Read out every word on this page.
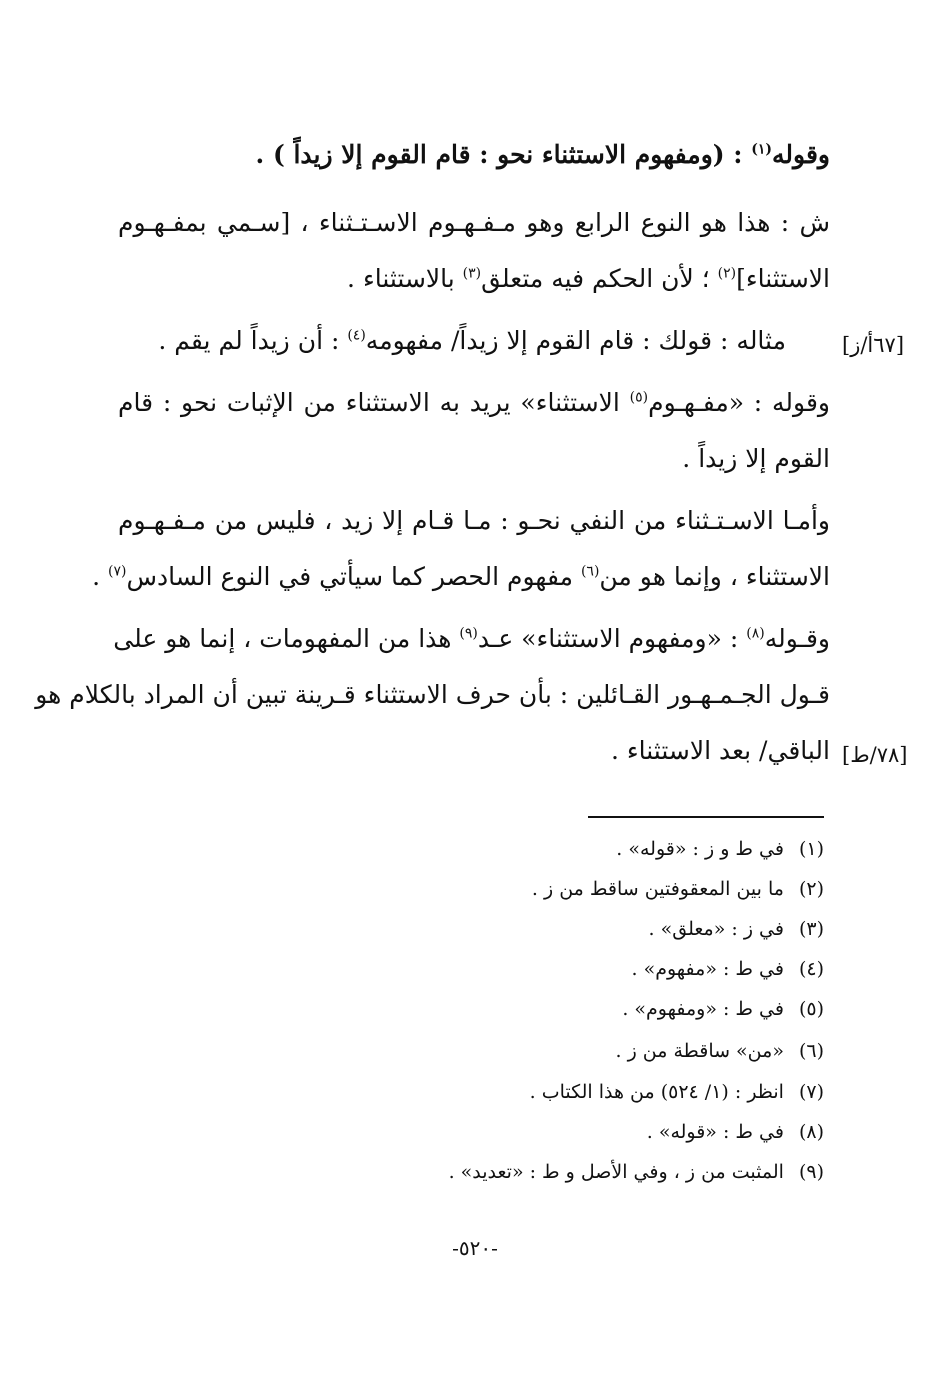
وقوله$^{(١)}$ : (ومفهوم الاستثناء نحو : قام القوم إلا زيداً ) .
ش : هذا هو النوع الرابع وهو مـفـهـوم الاسـتـثناء ، [سـمي بمفـهـوم
الاستثناء]$^{(٢)}$ ؛ لأن الحكم فيه متعلق$^{(٣)}$ بالاستثناء .
مثاله : قولك : قام القوم إلا زيداً/ مفهومه$^{(٤)}$ : أن زيداً لم يقم .	[٦٧أ/ز]
وقوله : «مفـهـوم$^{(٥)}$ الاستثناء» يريد به الاستثناء من الإثبات نحو : قام
القوم إلا زيداً .
وأمـا الاسـتـثناء من النفي نحـو : مـا قـام إلا زيد ، فليس من مـفـهـوم
الاستثناء ، وإنما هو من$^{(٦)}$ مفهوم الحصر كما سيأتي في النوع السادس$^{(٧)}$ .
وقـوله$^{(٨)}$ : «ومفهوم الاستثناء» عـد$^{(٩)}$ هذا من المفهومات ، إنما هو على
قـول الجـمـهـور القـائلين : بأن حرف الاستثناء قـرينة تبين أن المراد بالكلام هو
الباقي/ بعد الاستثناء . [٧٨/ط]
(١) في ط و ز : «قوله» .
(٢) ما بين المعقوفتين ساقط من ز .
(٣) في ز : «معلق» .
(٤) في ط : «مفهوم» .
(٥) في ط : «ومفهوم» .
(٦) «من» ساقطة من ز .
(٧) انظر : (١/ ٥٢٤) من هذا الكتاب .
(٨) في ط : «قوله» .
(٩) المثبت من ز ، وفي الأصل و ط : «تعديد» .
-٥٢٠-
